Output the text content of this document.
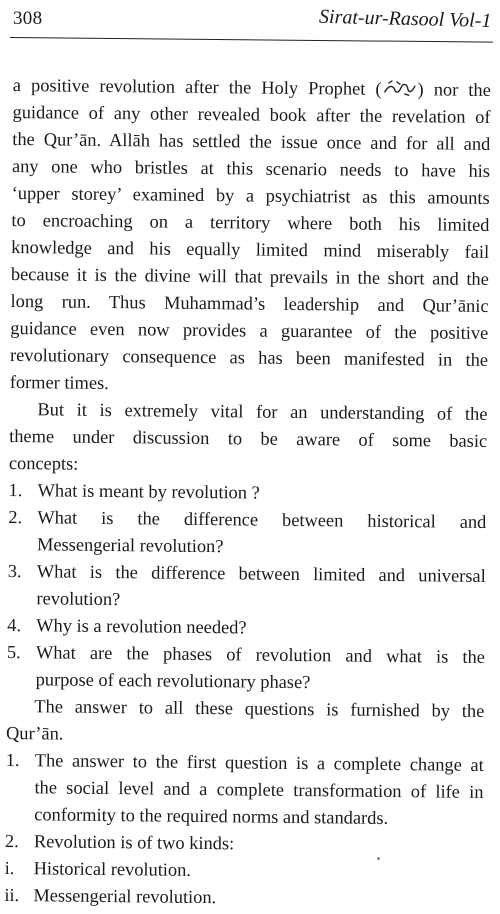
308	Sirat-ur-Rasool Vol-1

a positive revolution after the Holy Prophet ( ) nor the
guidance of any other revealed book after the revelation of
the Qur’ān. Allāh has settled the issue once and for all and
any one who bristles at this scenario needs to have his
‘upper storey’ examined by a psychiatrist as this amounts
to encroaching on a territory where both his limited
knowledge and his equally limited mind miserably fail
because it is the divine will that prevails in the short and the
long run. Thus Muhammad’s leadership and Qur’ānic
guidance even now provides a guarantee of the positive
revolutionary consequence as has been manifested in the
former times.

But it is extremely vital for an understanding of the
theme under discussion to be aware of some basic
concepts:

1. What is meant by revolution ?
2. What is the difference between historical and
Messengerial revolution?
3. What is the difference between limited and universal
revolution?
4. Why is a revolution needed?
5. What are the phases of revolution and what is the
purpose of each revolutionary phase?

The answer to all these questions is furnished by the
Qur’ān.

1. The answer to the first question is a complete change at
the social level and a complete transformation of life in
conformity to the required norms and standards.
2. Revolution is of two kinds:
i. Historical revolution.
ii. Messengerial revolution.
